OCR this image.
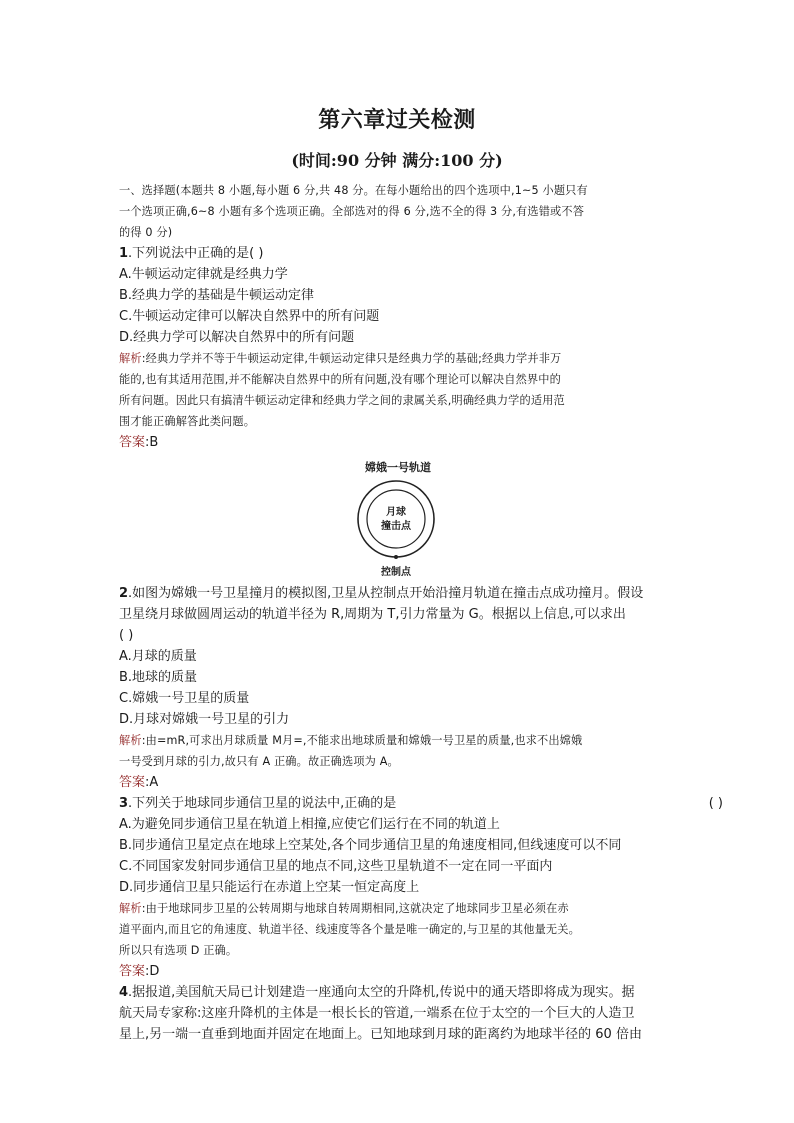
第六章过关检测
(时间:90 分钟 满分:100 分)
一、选择题(本题共 8 小题,每小题 6 分,共 48 分。在每小题给出的四个选项中,1~5 小题只有
一个选项正确,6~8 小题有多个选项正确。全部选对的得 6 分,选不全的得 3 分,有选错或不答
的得 0 分)
1.下列说法中正确的是( )
A.牛顿运动定律就是经典力学
B.经典力学的基础是牛顿运动定律
C.牛顿运动定律可以解决自然界中的所有问题
D.经典力学可以解决自然界中的所有问题
解析:经典力学并不等于牛顿运动定律,牛顿运动定律只是经典力学的基础;经典力学并非万
能的,也有其适用范围,并不能解决自然界中的所有问题,没有哪个理论可以解决自然界中的
所有问题。因此只有搞清牛顿运动定律和经典力学之间的隶属关系,明确经典力学的适用范
围才能正确解答此类问题。
答案:B
嫦娥一号轨道
月球
撞击点
控制点
2.如图为嫦娥一号卫星撞月的模拟图,卫星从控制点开始沿撞月轨道在撞击点成功撞月。假设
卫星绕月球做圆周运动的轨道半径为 R,周期为 T,引力常量为 G。根据以上信息,可以求出
( )
A.月球的质量
B.地球的质量
C.嫦娥一号卫星的质量
D.月球对嫦娥一号卫星的引力
解析:由=mR,可求出月球质量 M月=,不能求出地球质量和嫦娥一号卫星的质量,也求不出嫦娥
一号受到月球的引力,故只有 A 正确。故正确选项为 A。
答案:A
3.下列关于地球同步通信卫星的说法中,正确的是	( )
A.为避免同步通信卫星在轨道上相撞,应使它们运行在不同的轨道上
B.同步通信卫星定点在地球上空某处,各个同步通信卫星的角速度相同,但线速度可以不同
C.不同国家发射同步通信卫星的地点不同,这些卫星轨道不一定在同一平面内
D.同步通信卫星只能运行在赤道上空某一恒定高度上
解析:由于地球同步卫星的公转周期与地球自转周期相同,这就决定了地球同步卫星必须在赤
道平面内,而且它的角速度、轨道半径、线速度等各个量是唯一确定的,与卫星的其他量无关。
所以只有选项 D 正确。
答案:D
4.据报道,美国航天局已计划建造一座通向太空的升降机,传说中的通天塔即将成为现实。据
航天局专家称:这座升降机的主体是一根长长的管道,一端系在位于太空的一个巨大的人造卫
星上,另一端一直垂到地面并固定在地面上。已知地球到月球的距离约为地球半径的 60 倍由
